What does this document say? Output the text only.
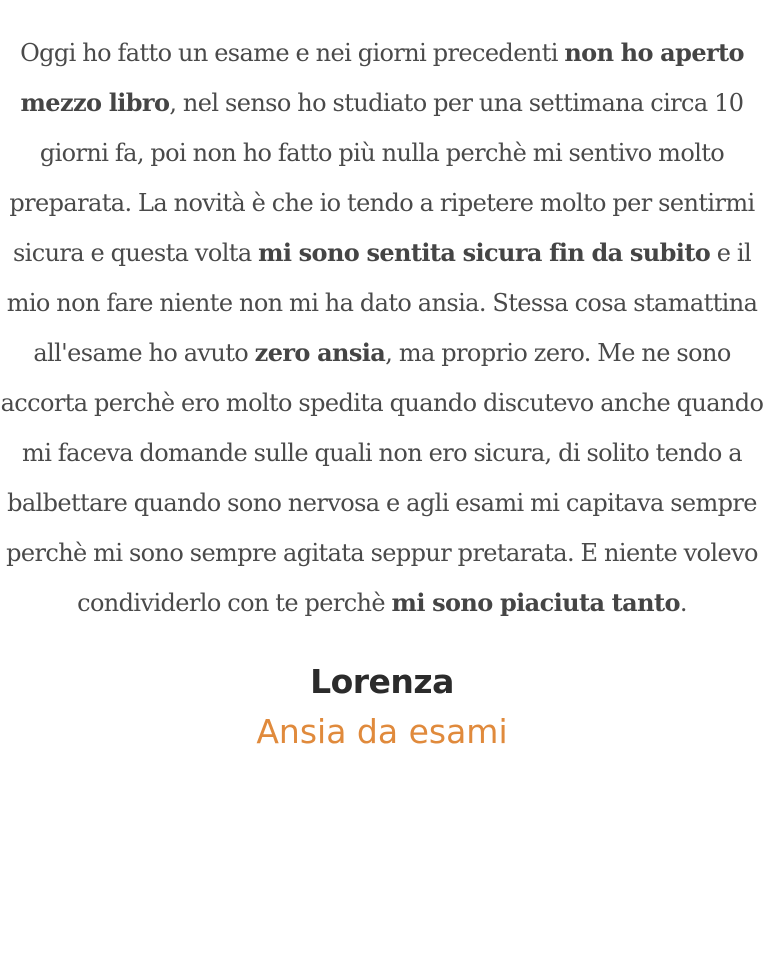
Oggi ho fatto un esame e nei giorni precedenti non ho aperto mezzo libro, nel senso ho studiato per una settimana circa 10 giorni fa, poi non ho fatto più nulla perchè mi sentivo molto preparata. La novità è che io tendo a ripetere molto per sentirmi sicura e questa volta mi sono sentita sicura fin da subito e il mio non fare niente non mi ha dato ansia. Stessa cosa stamattina all'esame ho avuto zero ansia, ma proprio zero. Me ne sono accorta perchè ero molto spedita quando discutevo anche quando mi faceva domande sulle quali non ero sicura, di solito tendo a balbettare quando sono nervosa e agli esami mi capitava sempre perchè mi sono sempre agitata seppur pretarata. E niente volevo condividerlo con te perchè mi sono piaciuta tanto.

Lorenza
Ansia da esami
